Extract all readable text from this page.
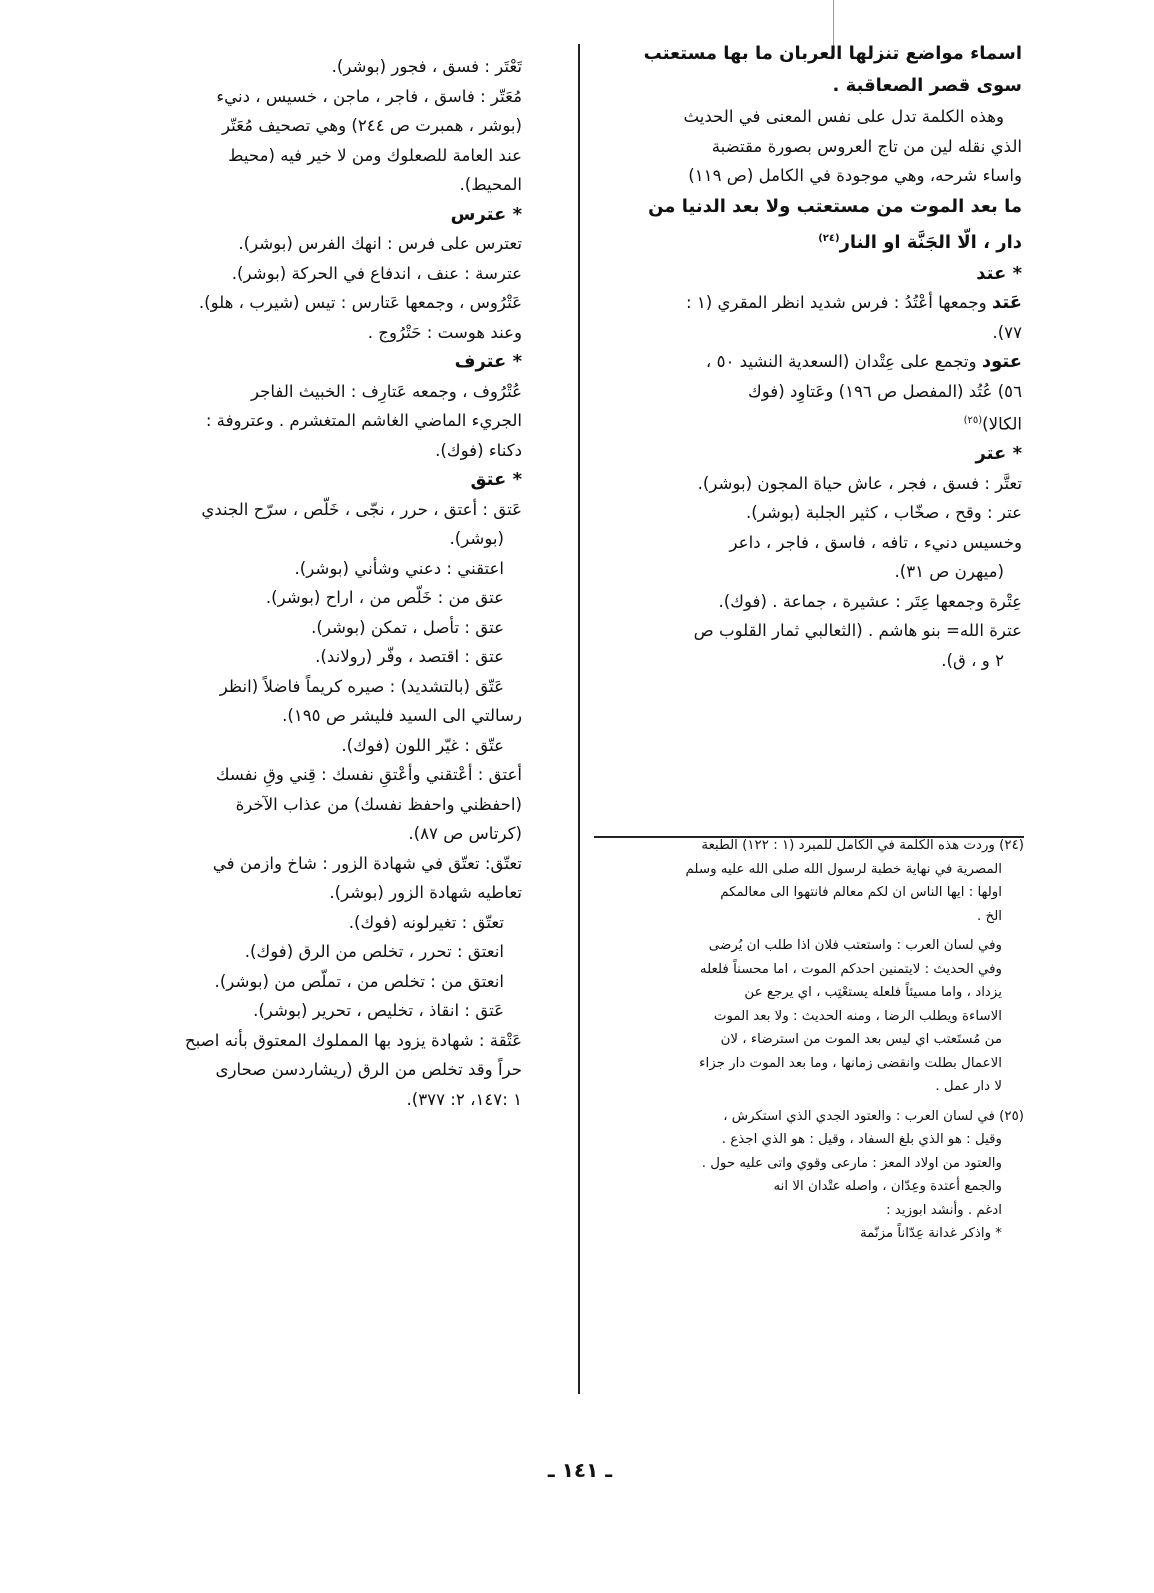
اسماء مواضع تنزلها العربان ما بها مستعتب
سوى قصر الصعاقبة .
وهذه الكلمة تدل على نفس المعنى في الحديث
الذي نقله لين من تاج العروس بصورة مقتضبة
واساء شرحه، وهي موجودة في الكامل (ص ١١٩)
ما بعد الموت من مستعتب ولا بعد الدنيا من
دار ، الّا الجَنَّة او النار$^{(٢٤)}$
* عتد
عَتد وجمعها أعْتُدُ : فرس شديد انظر المقري (١ :
٧٧).
عتود وتجمع على عِتْدان (السعدية النشيد ٥٠ ،
٥٦) عُتُد (المفصل ص ١٩٦) وعَتاوِد (فوك
الكالا)$^{(٢٥)}$
* عتر
تعتَّر : فسق ، فجر ، عاش حياة المجون (بوشر).
عتر : وقح ، صخّاب ، كثير الجلبة (بوشر).
وخسيس دنيء ، تافه ، فاسق ، فاجر ، داعر
(ميهرن ص ٣١).
عِتْرة وجمعها عِتَر : عشيرة ، جماعة . (فوك).
عترة الله= بنو هاشم . (الثعالبي ثمار القلوب ص
٢ و ، ق).
(٢٤) وردت هذه الكلمة في الكامل للمبرد (١ : ١٢٢) الطبعة
المصرية في نهاية خطبة لرسول الله صلى الله عليه وسلم
اولها : ايها الناس ان لكم معالم فانتهوا الى معالمكم
الخ .
وفي لسان العرب : واستعتب فلان اذا طلب ان يُرضى
وفي الحديث : لايتمنين احدكم الموت ، اما محسناً فلعله
يزداد ، واما مسيئاً فلعله يستعْتِب ، اي يرجع عن
الاساءة ويطلب الرضا ، ومنه الحديث : ولا بعد الموت
من مُستَعتب اي ليس بعد الموت من استرضاء ، لان
الاعمال بطلت وانقضى زمانها ، وما بعد الموت دار جزاء
لا دار عمل .
(٢٥) في لسان العرب : والعتود الجدي الذي استكرش ،
وقيل : هو الذي بلغ السفاد ، وقيل : هو الذي اجذع .
والعتود من اولاد المعز : مارعى وقوي واتى عليه حول .
والجمع أعتدة وعِدّان ، واصله عتْدان الا انه
ادغم . وأنشد ابوزيد :
* واذكر غدانة عِدّاناً مزنّمة
تَعْتَر : فسق ، فجور (بوشر).
مُعَتّر : فاسق ، فاجر ، ماجن ، خسيس ، دنيء
(بوشر ، همبرت ص ٢٤٤) وهي تصحيف مُعَتّر
عند العامة للصعلوك ومن لا خير فيه (محيط
المحيط).
* عترس
تعترس على فرس : انهك الفرس (بوشر).
عترسة : عنف ، اندفاع في الحركة (بوشر).
عَتْرُوس ، وجمعها عَتارس : تيس (شيرب ، هلو).
وعند هوست : حَتْرُوج .
* عترف
عُتْرُوف ، وجمعه عَتارِف : الخبيث الفاجر
الجريء الماضي الغاشم المتغشرم . وعتروفة :
دكناء (فوك).
* عتق
عَتق : أعتق ، حرر ، نجّى ، خَلّص ، سرّح الجندي
(بوشر).
اعتقني : دعني وشأني (بوشر).
عتق من : خَلّص من ، اراح (بوشر).
عتق : تأصل ، تمكن (بوشر).
عتق : اقتصد ، وفّر (رولاند).
عَتّق (بالتشديد) : صيره كريماً فاضلاً (انظر
رسالتي الى السيد فليشر ص ١٩٥).
عتّق : غيّر اللون (فوك).
أعتق : أعْتقني وأعْتقِ نفسك : قِني وقِ نفسك
(احفظني واحفظ نفسك) من عذاب الآخرة
(كرتاس ص ٨٧).
تعتّق: تعتّق في شهادة الزور : شاخ وازمن في
تعاطيه شهادة الزور (بوشر).
تعتّق : تغيرلونه (فوك).
انعتق : تحرر ، تخلص من الرق (فوك).
انعتق من : تخلص من ، تملّص من (بوشر).
عَتق : انقاذ ، تخليص ، تحرير (بوشر).
عَتْقة : شهادة يزود بها المملوك المعتوق بأنه اصبح
حراً وقد تخلص من الرق (ريشاردسن صحارى
١ :١٤٧، ٢: ٣٧٧).
ـ ١٤١ ـ
